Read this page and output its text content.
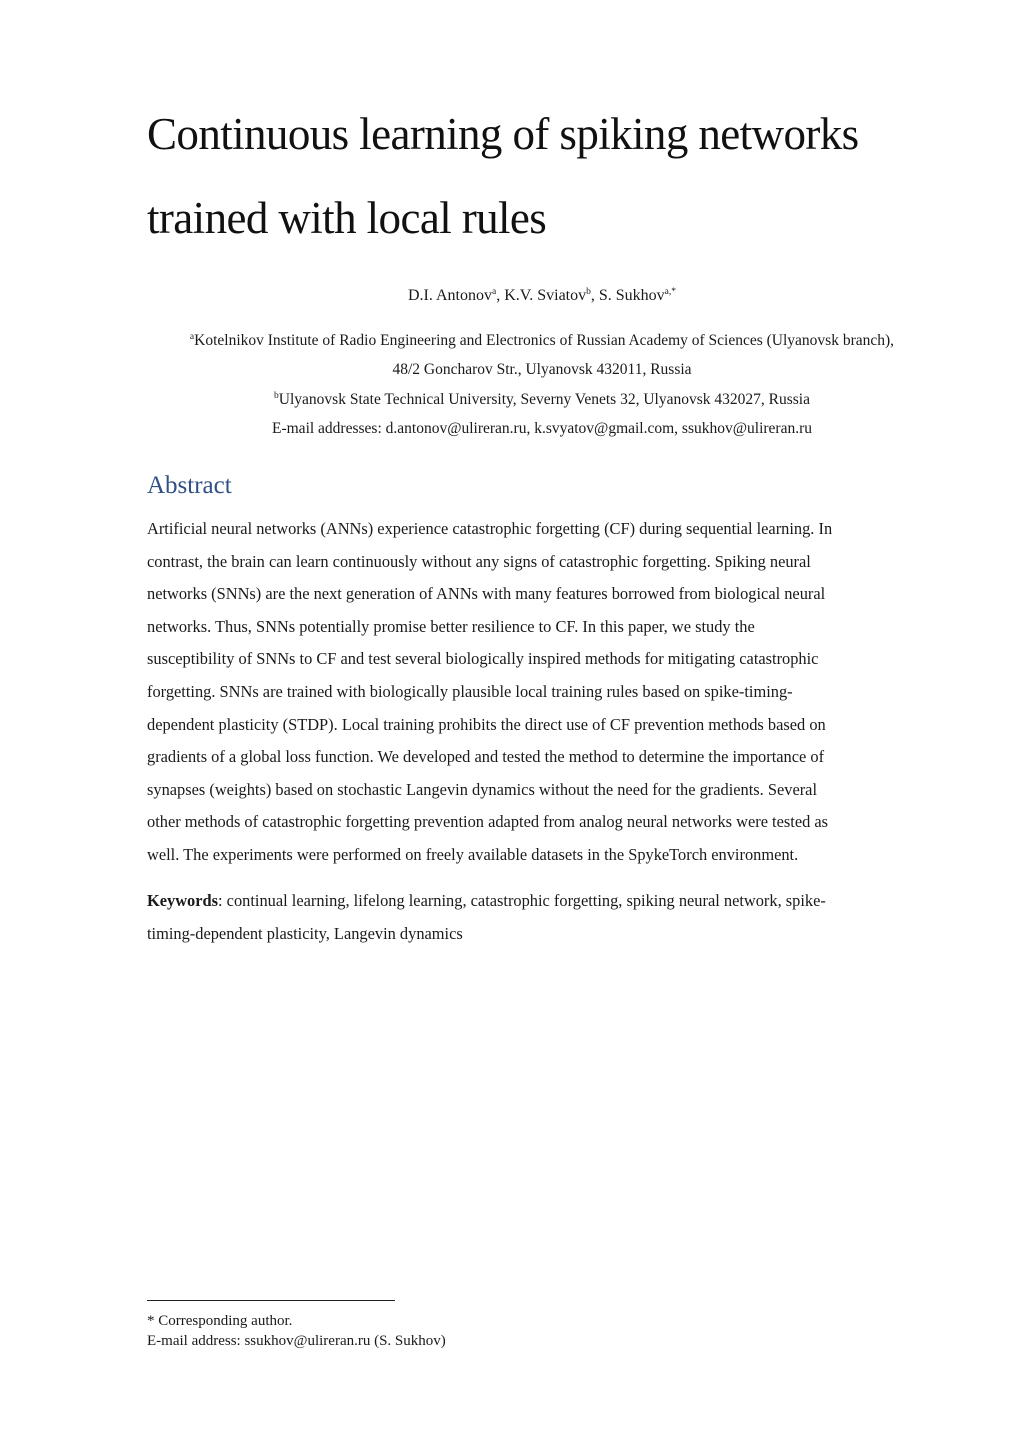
Continuous learning of spiking networks
trained with local rules
D.I. Antonov$^a$, K.V. Sviatov$^b$, S. Sukhov$^{a,*}$
$^a$Kotelnikov Institute of Radio Engineering and Electronics of Russian Academy of Sciences (Ulyanovsk branch),
48/2 Goncharov Str., Ulyanovsk 432011, Russia
$^b$Ulyanovsk State Technical University, Severny Venets 32, Ulyanovsk 432027, Russia
E-mail addresses: d.antonov@ulireran.ru, k.svyatov@gmail.com, ssukhov@ulireran.ru
Abstract
Artificial neural networks (ANNs) experience catastrophic forgetting (CF) during sequential learning. In
contrast, the brain can learn continuously without any signs of catastrophic forgetting. Spiking neural
networks (SNNs) are the next generation of ANNs with many features borrowed from biological neural
networks. Thus, SNNs potentially promise better resilience to CF. In this paper, we study the
susceptibility of SNNs to CF and test several biologically inspired methods for mitigating catastrophic
forgetting. SNNs are trained with biologically plausible local training rules based on spike-timing-
dependent plasticity (STDP). Local training prohibits the direct use of CF prevention methods based on
gradients of a global loss function. We developed and tested the method to determine the importance of
synapses (weights) based on stochastic Langevin dynamics without the need for the gradients. Several
other methods of catastrophic forgetting prevention adapted from analog neural networks were tested as
well. The experiments were performed on freely available datasets in the SpykeTorch environment.
Keywords: continual learning, lifelong learning, catastrophic forgetting, spiking neural network, spike-
timing-dependent plasticity, Langevin dynamics
* Corresponding author.
E-mail address: ssukhov@ulireran.ru (S. Sukhov)
